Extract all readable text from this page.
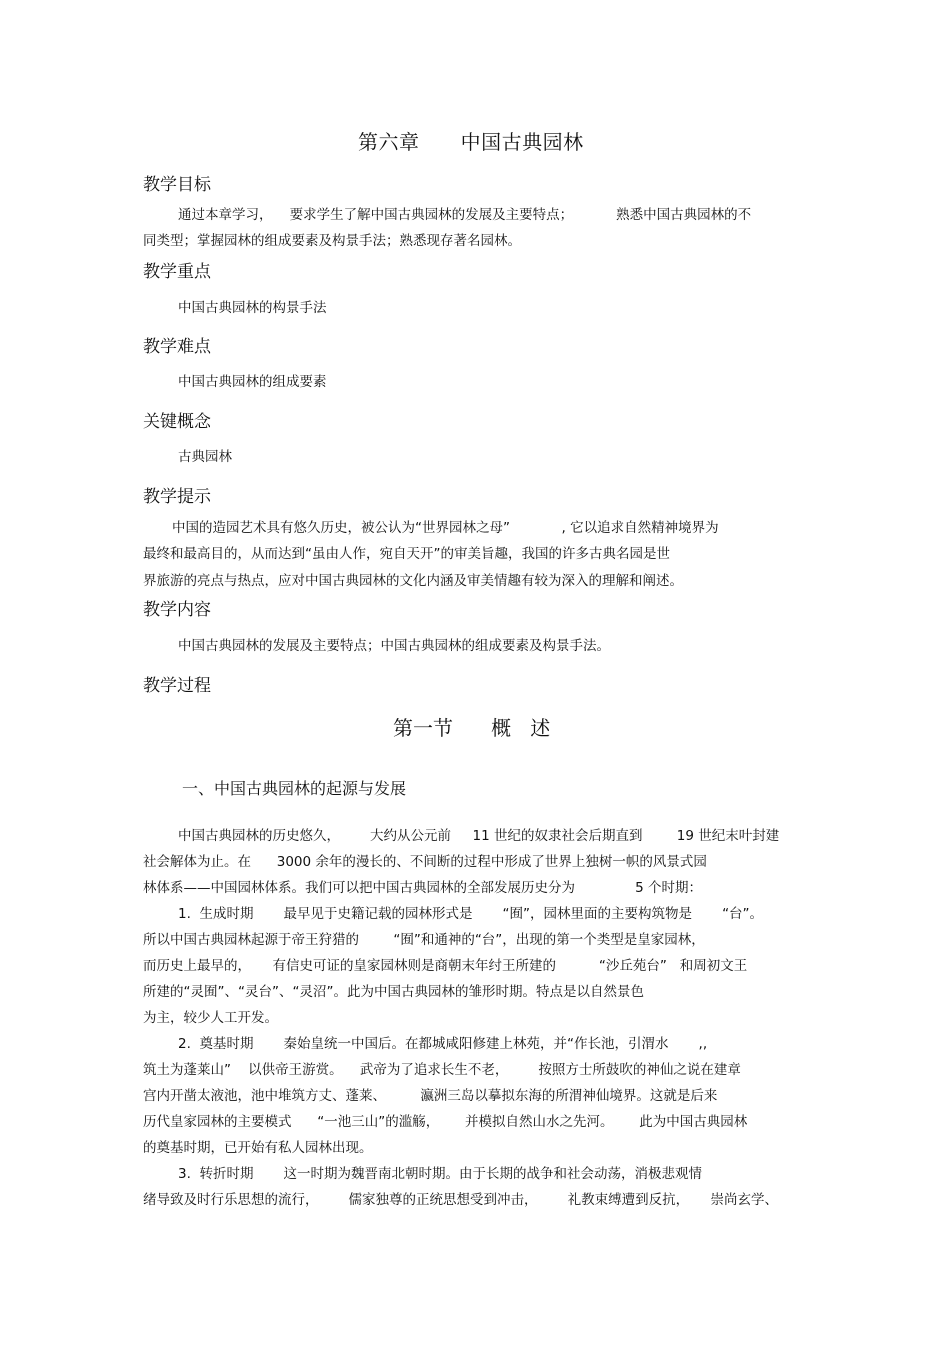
第六章      中国古典园林
教学目标
通过本章学习，    要求学生了解中国古典园林的发展及主要特点；          熟悉中国古典园林的不
同类型；掌握园林的组成要素及构景手法；熟悉现存著名园林。
教学重点
中国古典园林的构景手法
教学难点
中国古典园林的组成要素
关键概念
古典园林
教学提示
中国的造园艺术具有悠久历史，被公认为“世界园林之母”            , 它以追求自然精神境界为
最终和最高目的，从而达到“虽由人作，宛自天开”的审美旨趣，我国的许多古典名园是世
界旅游的亮点与热点，应对中国古典园林的文化内涵及审美情趣有较为深入的理解和阐述。
教学内容
中国古典园林的发展及主要特点；中国古典园林的组成要素及构景手法。
教学过程
第一节      概   述
一、中国古典园林的起源与发展
中国古典园林的历史悠久，       大约从公元前     11 世纪的奴隶社会后期直到        19 世纪末叶封建
社会解体为止。在      3000 余年的漫长的、不间断的过程中形成了世界上独树一帜的风景式园
林体系——中国园林体系。我们可以把中国古典园林的全部发展历史分为              5 个时期：
1.  生成时期       最早见于史籍记载的园林形式是       “囿”，园林里面的主要构筑物是       “台”。
所以中国古典园林起源于帝王狩猎的        “囿”和通神的“台”，出现的第一个类型是皇家园林，
而历史上最早的，     有信史可证的皇家园林则是商朝末年纣王所建的          “沙丘苑台”   和周初文王
所建的“灵囿”、“灵台”、“灵沼”。此为中国古典园林的雏形时期。特点是以自然景色
为主，较少人工开发。
2.  奠基时期       秦始皇统一中国后。在都城咸阳修建上林苑，并“作长池，引渭水       ,,
筑土为蓬莱山”    以供帝王游赏。    武帝为了追求长生不老，       按照方士所鼓吹的神仙之说在建章
宫内开凿太液池，池中堆筑方丈、蓬莱、        瀛洲三岛以摹拟东海的所渭神仙境界。这就是后来
历代皇家园林的主要模式      “一池三山”的滥觞，      并模拟自然山水之先河。      此为中国古典园林
的奠基时期，已开始有私人园林出现。
3.  转折时期       这一时期为魏晋南北朝时期。由于长期的战争和社会动荡，消极悲观情
绪导致及时行乐思想的流行，       儒家独尊的正统思想受到冲击，       礼教束缚遭到反抗，     崇尚玄学、
